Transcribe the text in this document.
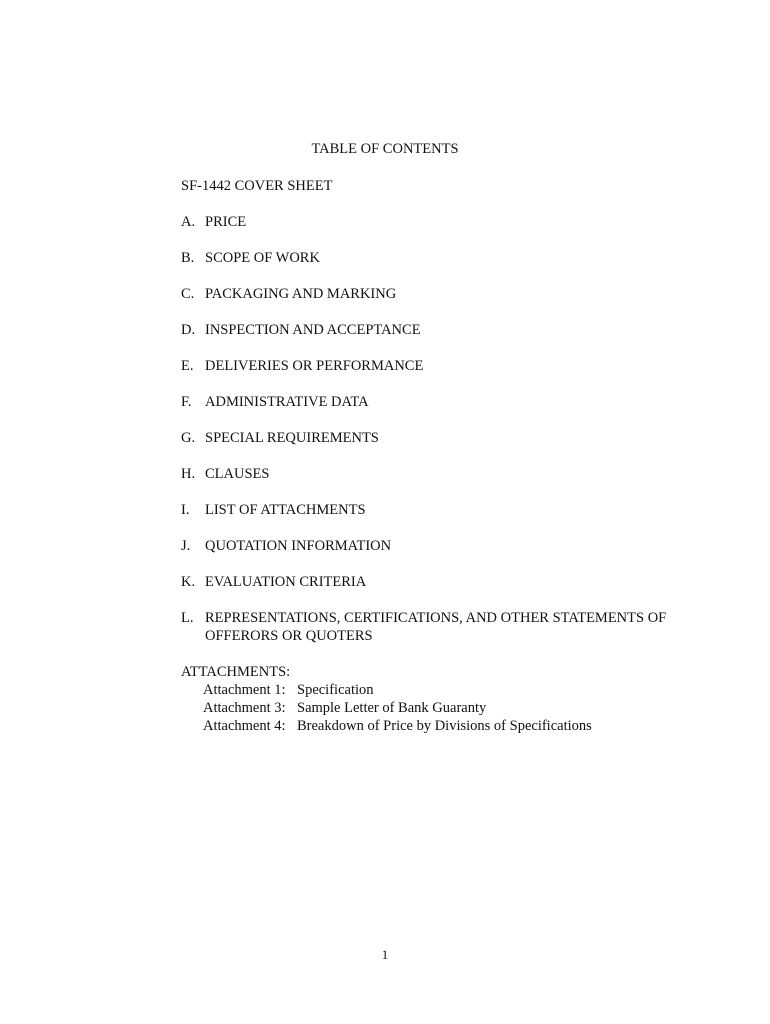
TABLE OF CONTENTS
SF-1442 COVER SHEET
A. PRICE
B. SCOPE OF WORK
C. PACKAGING AND MARKING
D. INSPECTION AND ACCEPTANCE
E. DELIVERIES OR PERFORMANCE
F. ADMINISTRATIVE DATA
G. SPECIAL REQUIREMENTS
H. CLAUSES
I.	LIST OF ATTACHMENTS
J.	QUOTATION INFORMATION
K. EVALUATION CRITERIA
L. REPRESENTATIONS, CERTIFICATIONS, AND OTHER STATEMENTS OF OFFERORS OR QUOTERS
ATTACHMENTS:
Attachment 1: Specification
Attachment 3: Sample Letter of Bank Guaranty
Attachment 4: Breakdown of Price by Divisions of Specifications
1
